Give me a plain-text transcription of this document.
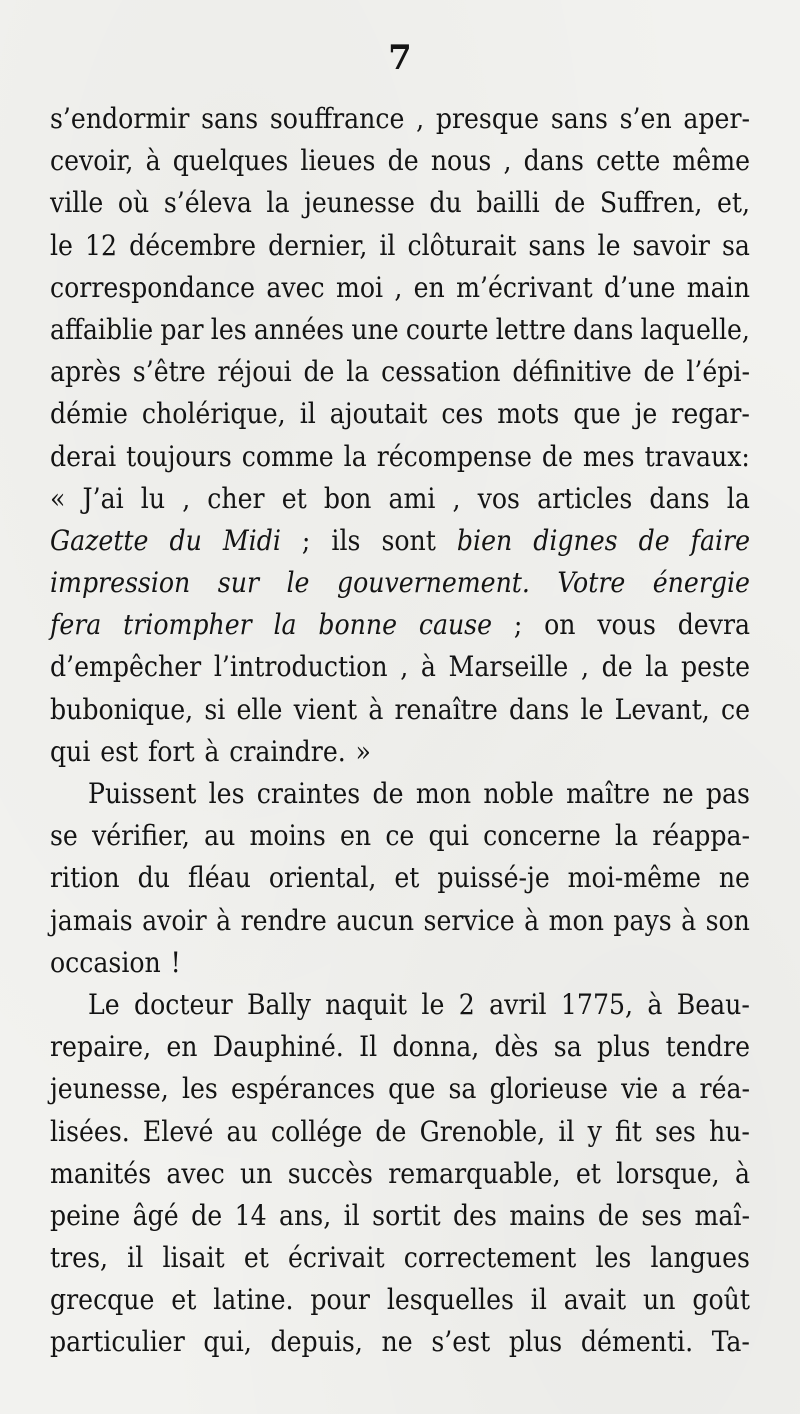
7
s’endormir sans souffrance , presque sans s’en aper-
cevoir, à quelques lieues de nous , dans cette même
ville où s’éleva la jeunesse du bailli de Suffren, et,
le 12 décembre dernier, il clôturait sans le savoir sa
correspondance avec moi , en m’écrivant d’une main
affaiblie par les années une courte lettre dans laquelle,
après s’être réjoui de la cessation définitive de l’épi-
démie cholérique, il ajoutait ces mots que je regar-
derai toujours comme la récompense de mes travaux:
« J’ai lu , cher et bon ami , vos articles dans la
Gazette du Midi ; ils sont bien dignes de faire
impression sur le gouvernement. Votre énergie
fera triompher la bonne cause ; on vous devra
d’empêcher l’introduction , à Marseille , de la peste
bubonique, si elle vient à renaître dans le Levant, ce
qui est fort à craindre. »
Puissent les craintes de mon noble maître ne pas
se vérifier, au moins en ce qui concerne la réappa-
rition du fléau oriental, et puissé-je moi-même ne
jamais avoir à rendre aucun service à mon pays à son
occasion !
Le docteur Bally naquit le 2 avril 1775, à Beau-
repaire, en Dauphiné. Il donna, dès sa plus tendre
jeunesse, les espérances que sa glorieuse vie a réa-
lisées. Elevé au collége de Grenoble, il y fit ses hu-
manités avec un succès remarquable, et lorsque, à
peine âgé de 14 ans, il sortit des mains de ses maî-
tres, il lisait et écrivait correctement les langues
grecque et latine. pour lesquelles il avait un goût
particulier qui, depuis, ne s’est plus démenti. Ta-
